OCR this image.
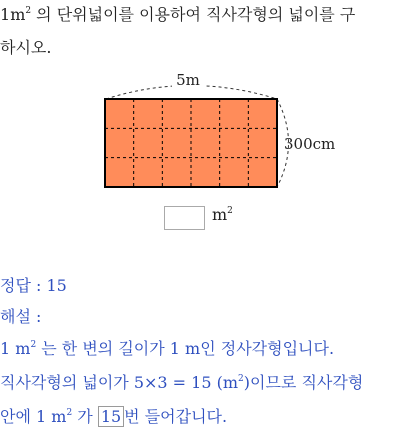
$1m^2$ 의 단위넓이를 이용하여 직사각형의 넓이를 구
하시오.
5m
300cm
$m^2$
정답 : 15
해설 :
1 $m^2$ 는 한 변의 길이가 1 m인 정사각형입니다.
직사각형의 넓이가 5×3 = 15 $(m^2)$이므로 직사각형
안에 1 $m^2$ 가 15 번 들어갑니다.
